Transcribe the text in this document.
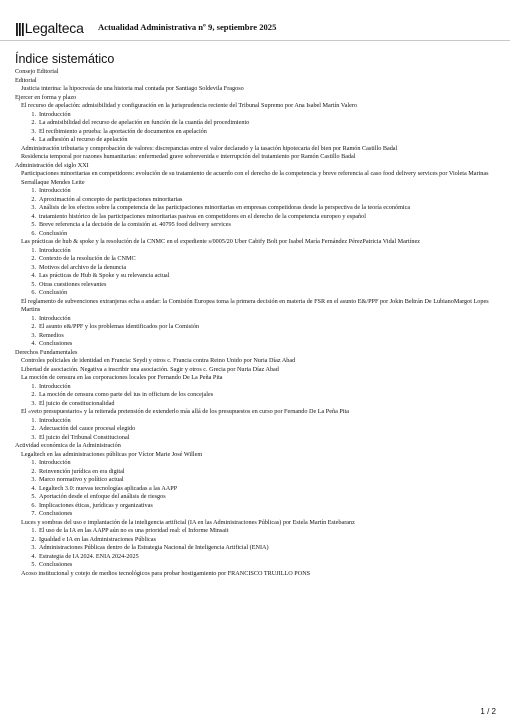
|||Legalteca Actualidad Administrativa nº 9, septiembre 2025
Índice sistemático
Consejo Editorial
Editorial
Justicia interina: la hipocresía de una historia mal contada por Santiago Soldevila Fragoso
Ejercer en forma y plazo
El recurso de apelación: admisibilidad y configuración en la jurisprudencia reciente del Tribunal Supremo por Ana Isabel Martín Valero
1. Introducción
2. La admisibilidad del recurso de apelación en función de la cuantía del procedimiento
3. El recibimiento a prueba: la aportación de documentos en apelación
4. La adhesión al recurso de apelación
Administración tributaria y comprobación de valores: discrepancias entre el valor declarado y la tasación hipotecaria del bien por Ramón Castillo Badal
Residencia temporal por razones humanitarias: enfermedad grave sobrevenida e interrupción del tratamiento por Ramón Castillo Badal
Administración del siglo XXI
Participaciones minoritarias en competidores: evolución de su tratamiento de acuerdo con el derecho de la competencia y breve referencia al caso food delivery services por Violeta Marinas Serrallaque Mendes Leite
1. Introducción
2. Aproximación al concepto de participaciones minoritarias
3. Análisis de los efectos sobre la competencia de las participaciones minoritarias en empresas competidoras desde la perspectiva de la teoría económica
4. tratamiento histórico de las participaciones minoritarias pasivas en competidores en el derecho de la competencia europeo y español
5. Breve referencia a la decisión de la comisión at. 40795 food delivery services
6. Conclusión
Las prácticas de hub & spoke y la resolución de la CNMC en el expediente s/0005/20 Uber Cabify Bolt por Isabel María Fernández PérezPatricia Vidal Martínez
1. Introducción
2. Contexto de la resolución de la CNMC
3. Motivos del archivo de la denuncia
4. Las prácticas de Hub & Spoke y su relevancia actual
5. Otras cuestiones relevantes
6. Conclusión
El reglamento de subvenciones extranjeras echa a andar: la Comisión Europea toma la primera decisión en materia de FSR en el asunto E&/PPF por Jokin Beltrán De LubianoMargot Lopes Martins
1. Introducción
2. El asunto e&/PPF y los problemas identificados por la Comisión
3. Remedios
4. Conclusiones
Derechos Fundamentales
Controles policiales de identidad en Francia: Seydi y otros c. Francia contra Reino Unido por Nuria Díaz Abad
Libertad de asociación. Negativa a inscribir una asociación. Sagir y otros c. Grecia por Nuria Díaz Abad
La moción de censura en las corporaciones locales por Fernando De La Peña Pita
1. Introducción
2. La moción de censura como parte del ius in officium de los concejales
3. El juicio de constitucionalidad
El «veto presupuestario» y la reiterada pretensión de extenderlo más allá de los presupuestos en curso por Fernando De La Peña Pita
1. Introducción
2. Adecuación del cauce procesal elegido
3. El juicio del Tribunal Constitucional
Actividad económica de la Administración
Legaltech en las administraciones públicas por Víctor Marie José Willem
1. Introducción
2. Reinvención jurídica en era digital
3. Marco normativo y político actual
4. Legaltech 3.0: nuevas tecnologías aplicadas a las AAPP
5. Aportación desde el enfoque del análisis de riesgos
6. Implicaciones éticas, jurídicas y organizativas
7. Conclusiones
Luces y sombras del uso e implantación de la inteligencia artificial (IA en las Administraciones Públicas) por Estela Martín Estebaranz
1. El uso de la IA en las AAPP aún no es una prioridad real: el Informe Minsait
2. Igualdad e IA en las Administraciones Públicas
3. Administraciones Públicas dentro de la Estrategia Nacional de Inteligencia Artificial (ENIA)
4. Estrategia de IA 2024. ENIA 2024-2025
5. Conclusiones
Acoso institucional y cotejo de medios tecnológicos para probar hostigamiento por FRANCISCO TRUJILLO PONS
1 / 2
